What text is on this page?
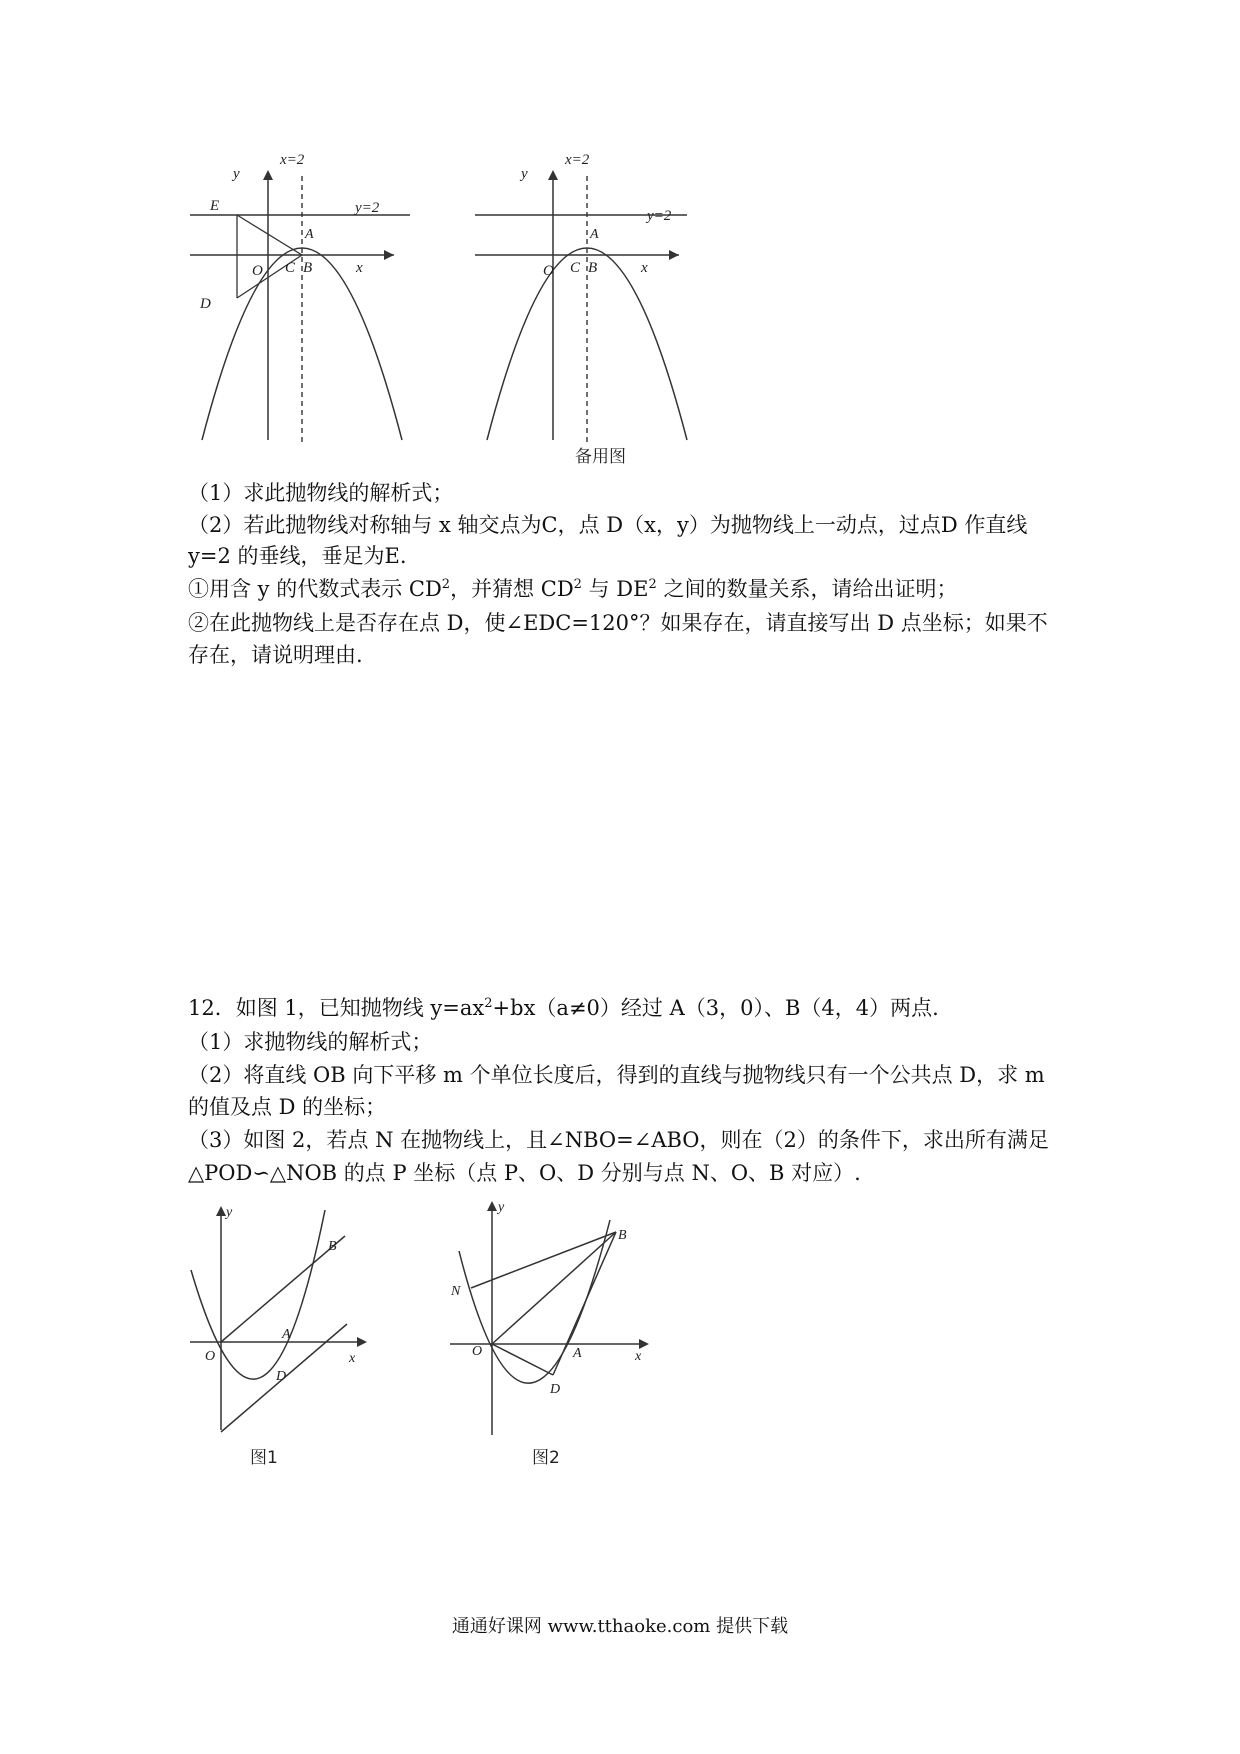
E
D
A
O C B	x
y
x=2
y=2
A
O C B	x
y
x=2
y=2
备用图
（1）求此抛物线的解析式；
（2）若此抛物线对称轴与 x 轴交点为C，点 D（x，y）为抛物线上一动点，过点D 作直线
y=2 的垂线，垂足为E.
①用含 y 的代数式表示 $CD^2$，并猜想 $CD^2$ 与 $DE^2$ 之间的数量关系，请给出证明；
②在此抛物线上是否存在点 D，使∠EDC=120°？如果存在，请直接写出 D 点坐标；如果不
存在，请说明理由.
12．如图 1，已知抛物线 $y=ax^2+bx(a\ne 0)$经过 A（3，0）、B（4，4）两点.
（1）求抛物线的解析式；
（2）将直线 OB 向下平移 m 个单位长度后，得到的直线与抛物线只有一个公共点 D，求 m
的值及点 D 的坐标；
（3）如图 2，若点 N 在抛物线上，且∠NBO=∠ABO，则在（2）的条件下，求出所有满足
△POD∽△NOB 的点 P 坐标（点 P、O、D 分别与点 N、O、B 对应）.
B
A
O
D
x
y
图1
B
N
O	A
D
x
y
图2
通通好课网 www.tthaoke.com 提供下载
